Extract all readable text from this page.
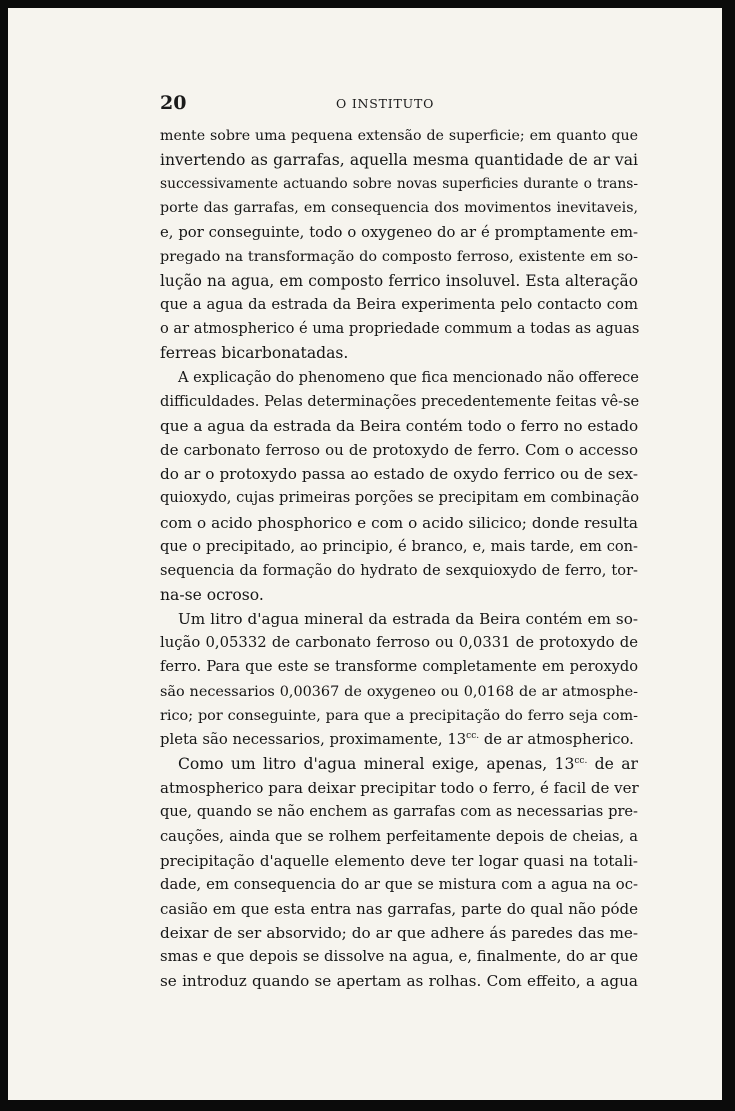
20	O INSTITUTO
mente sobre uma pequena extensão de superficie; em quanto que
invertendo as garrafas, aquella mesma quantidade de ar vai
successivamente actuando sobre novas superficies durante o trans-
porte das garrafas, em consequencia dos movimentos inevitaveis,
e, por conseguinte, todo o oxygeneo do ar é promptamente em-
pregado na transformação do composto ferroso, existente em so-
lução na agua, em composto ferrico insoluvel. Esta alteração
que a agua da estrada da Beira experimenta pelo contacto com
o ar atmospherico é uma propriedade commum a todas as aguas
ferreas bicarbonatadas.
A explicação do phenomeno que fica mencionado não offerece
difficuldades. Pelas determinações precedentemente feitas vê-se
que a agua da estrada da Beira contém todo o ferro no estado
de carbonato ferroso ou de protoxydo de ferro. Com o accesso
do ar o protoxydo passa ao estado de oxydo ferrico ou de sex-
quioxydo, cujas primeiras porções se precipitam em combinação
com o acido phosphorico e com o acido silicico; donde resulta
que o precipitado, ao principio, é branco, e, mais tarde, em con-
sequencia da formação do hydrato de sexquioxydo de ferro, tor-
na-se ocroso.
Um litro d'agua mineral da estrada da Beira contém em so-
lução 0,05332 de carbonato ferroso ou 0,0331 de protoxydo de
ferro. Para que este se transforme completamente em peroxydo
são necessarios 0,00367 de oxygeneo ou 0,0168 de ar atmosphe-
rico; por conseguinte, para que a precipitação do ferro seja com-
pleta são necessarios, proximamente, $13^{cc.}$ de ar atmospherico.
Como um litro d'agua mineral exige, apenas, $13^{cc.}$ de ar
atmospherico para deixar precipitar todo o ferro, é facil de ver
que, quando se não enchem as garrafas com as necessarias pre-
cauções, ainda que se rolhem perfeitamente depois de cheias, a
precipitação d'aquelle elemento deve ter logar quasi na totali-
dade, em consequencia do ar que se mistura com a agua na oc-
casião em que esta entra nas garrafas, parte do qual não póde
deixar de ser absorvido; do ar que adhere ás paredes das me-
smas e que depois se dissolve na agua, e, finalmente, do ar que
se introduz quando se apertam as rolhas. Com effeito, a agua
